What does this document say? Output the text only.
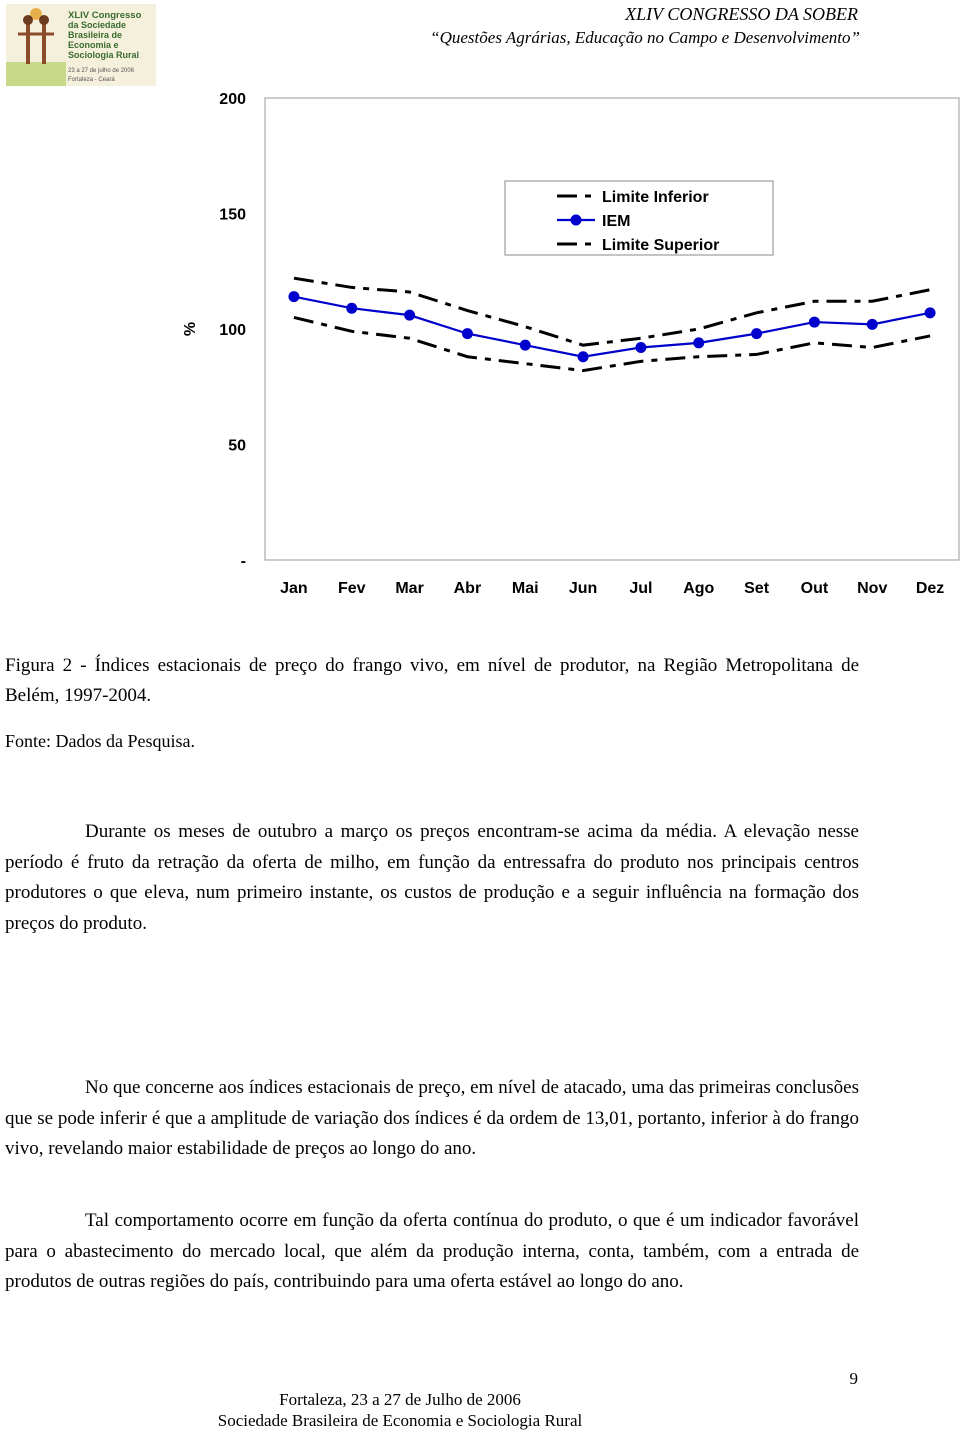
XLIV Congresso
da Sociedade
Brasileira de
Economia e
Sociologia Rural
23 a 27 de julho de 2006
Fortaleza - Ceará
XLIV CONGRESSO DA SOBER
“Questões Agrárias, Educação no Campo e Desenvolvimento”
%
200
150
100
50
-
Jan Fev Mar Abr Mai Jun Jul Ago Set Out Nov Dez
Limite Inferior
IEM
Limite Superior
Figura 2 - Índices estacionais de preço do frango vivo, em nível de produtor, na Região Metropolitana de Belém, 1997-2004.
Fonte: Dados da Pesquisa.
Durante os meses de outubro a março os preços encontram-se acima da média. A elevação nesse período é fruto da retração da oferta de milho, em função da entressafra do produto nos principais centros produtores o que eleva, num primeiro instante, os custos de produção e a seguir influência na formação dos preços do produto.
No que concerne aos índices estacionais de preço, em nível de atacado, uma das primeiras conclusões que se pode inferir é que a amplitude de variação dos índices é da ordem de 13,01, portanto, inferior à do frango vivo, revelando maior estabilidade de preços ao longo do ano.
Tal comportamento ocorre em função da oferta contínua do produto, o que é um indicador favorável para o abastecimento do mercado local, que além da produção interna, conta, também, com a entrada de produtos de outras regiões do país, contribuindo para uma oferta estável ao longo do ano.
9
Fortaleza, 23 a 27 de Julho de 2006
Sociedade Brasileira de Economia e Sociologia Rural
